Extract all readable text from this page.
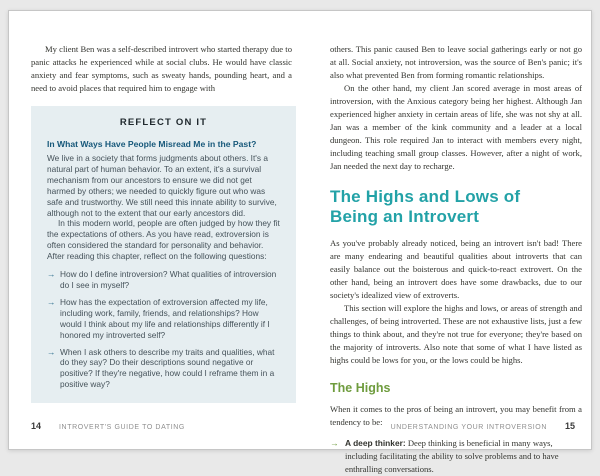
My client Ben was a self-described introvert who started therapy due to panic attacks he experienced while at social clubs. He would have classic anxiety and fear symptoms, such as sweaty hands, pounding heart, and a need to avoid places that required him to engage with

REFLECT ON IT
In What Ways Have People Misread Me in the Past?

We live in a society that forms judgments about others. It's a natural part of human behavior. To an extent, it's a survival mechanism from our ancestors to ensure we did not get harmed by others; we needed to quickly figure out who was safe and trustworthy. We still need this innate ability to survive, although not to the extent that our early ancestors did.

In this modern world, people are often judged by how they fit the expectations of others. As you have read, extroversion is often considered the standard for personality and behavior. After reading this chapter, reflect on the following questions:

→ How do I define introversion? What qualities of introversion do I see in myself?
→ How has the expectation of extroversion affected my life, including work, family, friends, and relationships? How would I think about my life and relationships differently if I honored my introverted self?
→ When I ask others to describe my traits and qualities, what do they say? Do their descriptions sound negative or positive? If they're negative, how could I reframe them in a positive way?
14	INTROVERT'S GUIDE TO DATING

others. This panic caused Ben to leave social gatherings early or not go at all. Social anxiety, not introversion, was the source of Ben's panic; it's also what prevented Ben from forming romantic relationships.

On the other hand, my client Jan scored average in most areas of introversion, with the Anxious category being her highest. Although Jan experienced higher anxiety in certain areas of life, she was not shy at all. Jan was a member of the kink community and a leader at a local dungeon. This role required Jan to interact with members every night, including teaching small group classes. However, after a night of work, Jan needed the next day to recharge.

The Highs and Lows of Being an Introvert

As you've probably already noticed, being an introvert isn't bad! There are many endearing and beautiful qualities about introverts that can easily balance out the boisterous and quick-to-react extrovert. On the other hand, being an introvert does have some drawbacks, due to our society's idealized view of extroverts.

This section will explore the highs and lows, or areas of strength and challenges, of being introverted. These are not exhaustive lists, just a few things to think about, and they're not true for everyone; they're based on the majority of introverts. Also note that some of what I have listed as highs could be lows for you, or the lows could be highs.

The Highs

When it comes to the pros of being an introvert, you may benefit from a tendency to be:

→ A deep thinker: Deep thinking is beneficial in many ways, including facilitating the ability to solve problems and to have enthralling conversations.
UNDERSTANDING YOUR INTROVERSION 15
